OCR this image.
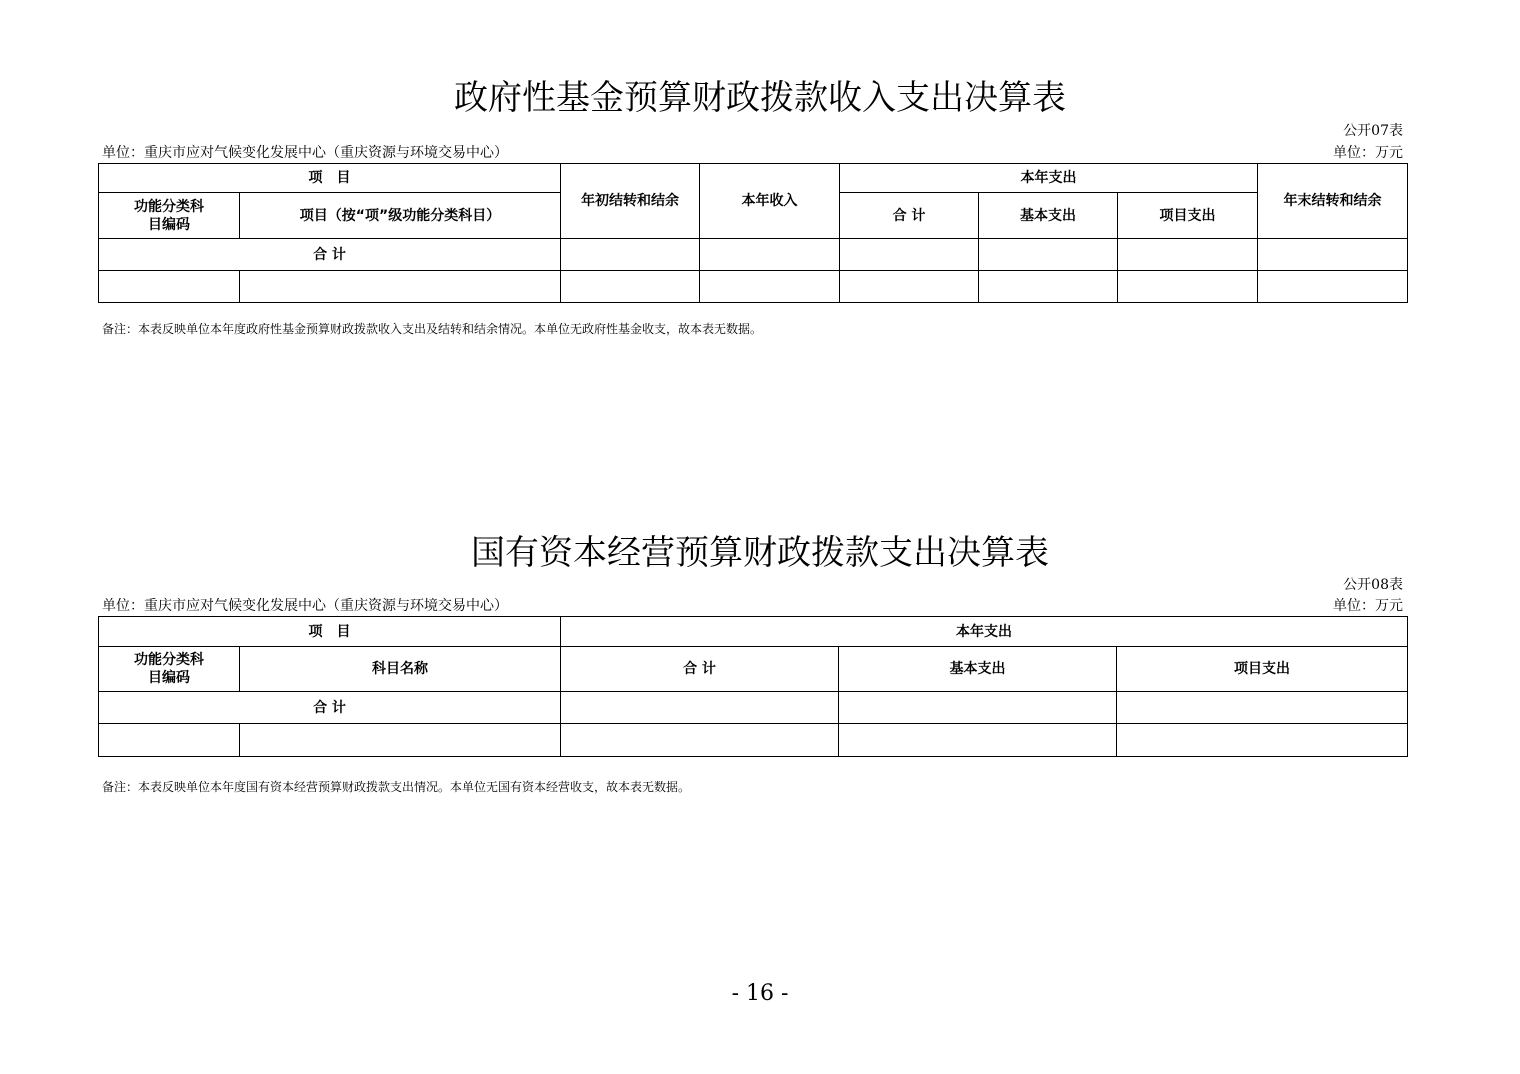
政府性基金预算财政拨款收入支出决算表
公开07表
单位：重庆市应对气候变化发展中心（重庆资源与环境交易中心）	单位：万元
项　目		年初结转和结余	本年收入	本年支出			年末结转和结余
功能分类科目编码	项目（按“项”级功能分类科目）			合 计	基本支出	项目支出	
合 计							

备注：本表反映单位本年度政府性基金预算财政拨款收入支出及结转和结余情况。本单位无政府性基金收支，故本表无数据。
国有资本经营预算财政拨款支出决算表
公开08表
单位：重庆市应对气候变化发展中心（重庆资源与环境交易中心）	单位：万元
项　目		本年支出		
功能分类科目编码	科目名称	合 计	基本支出	项目支出
合 计				

备注：本表反映单位本年度国有资本经营预算财政拨款支出情况。本单位无国有资本经营收支，故本表无数据。
- 16 -
